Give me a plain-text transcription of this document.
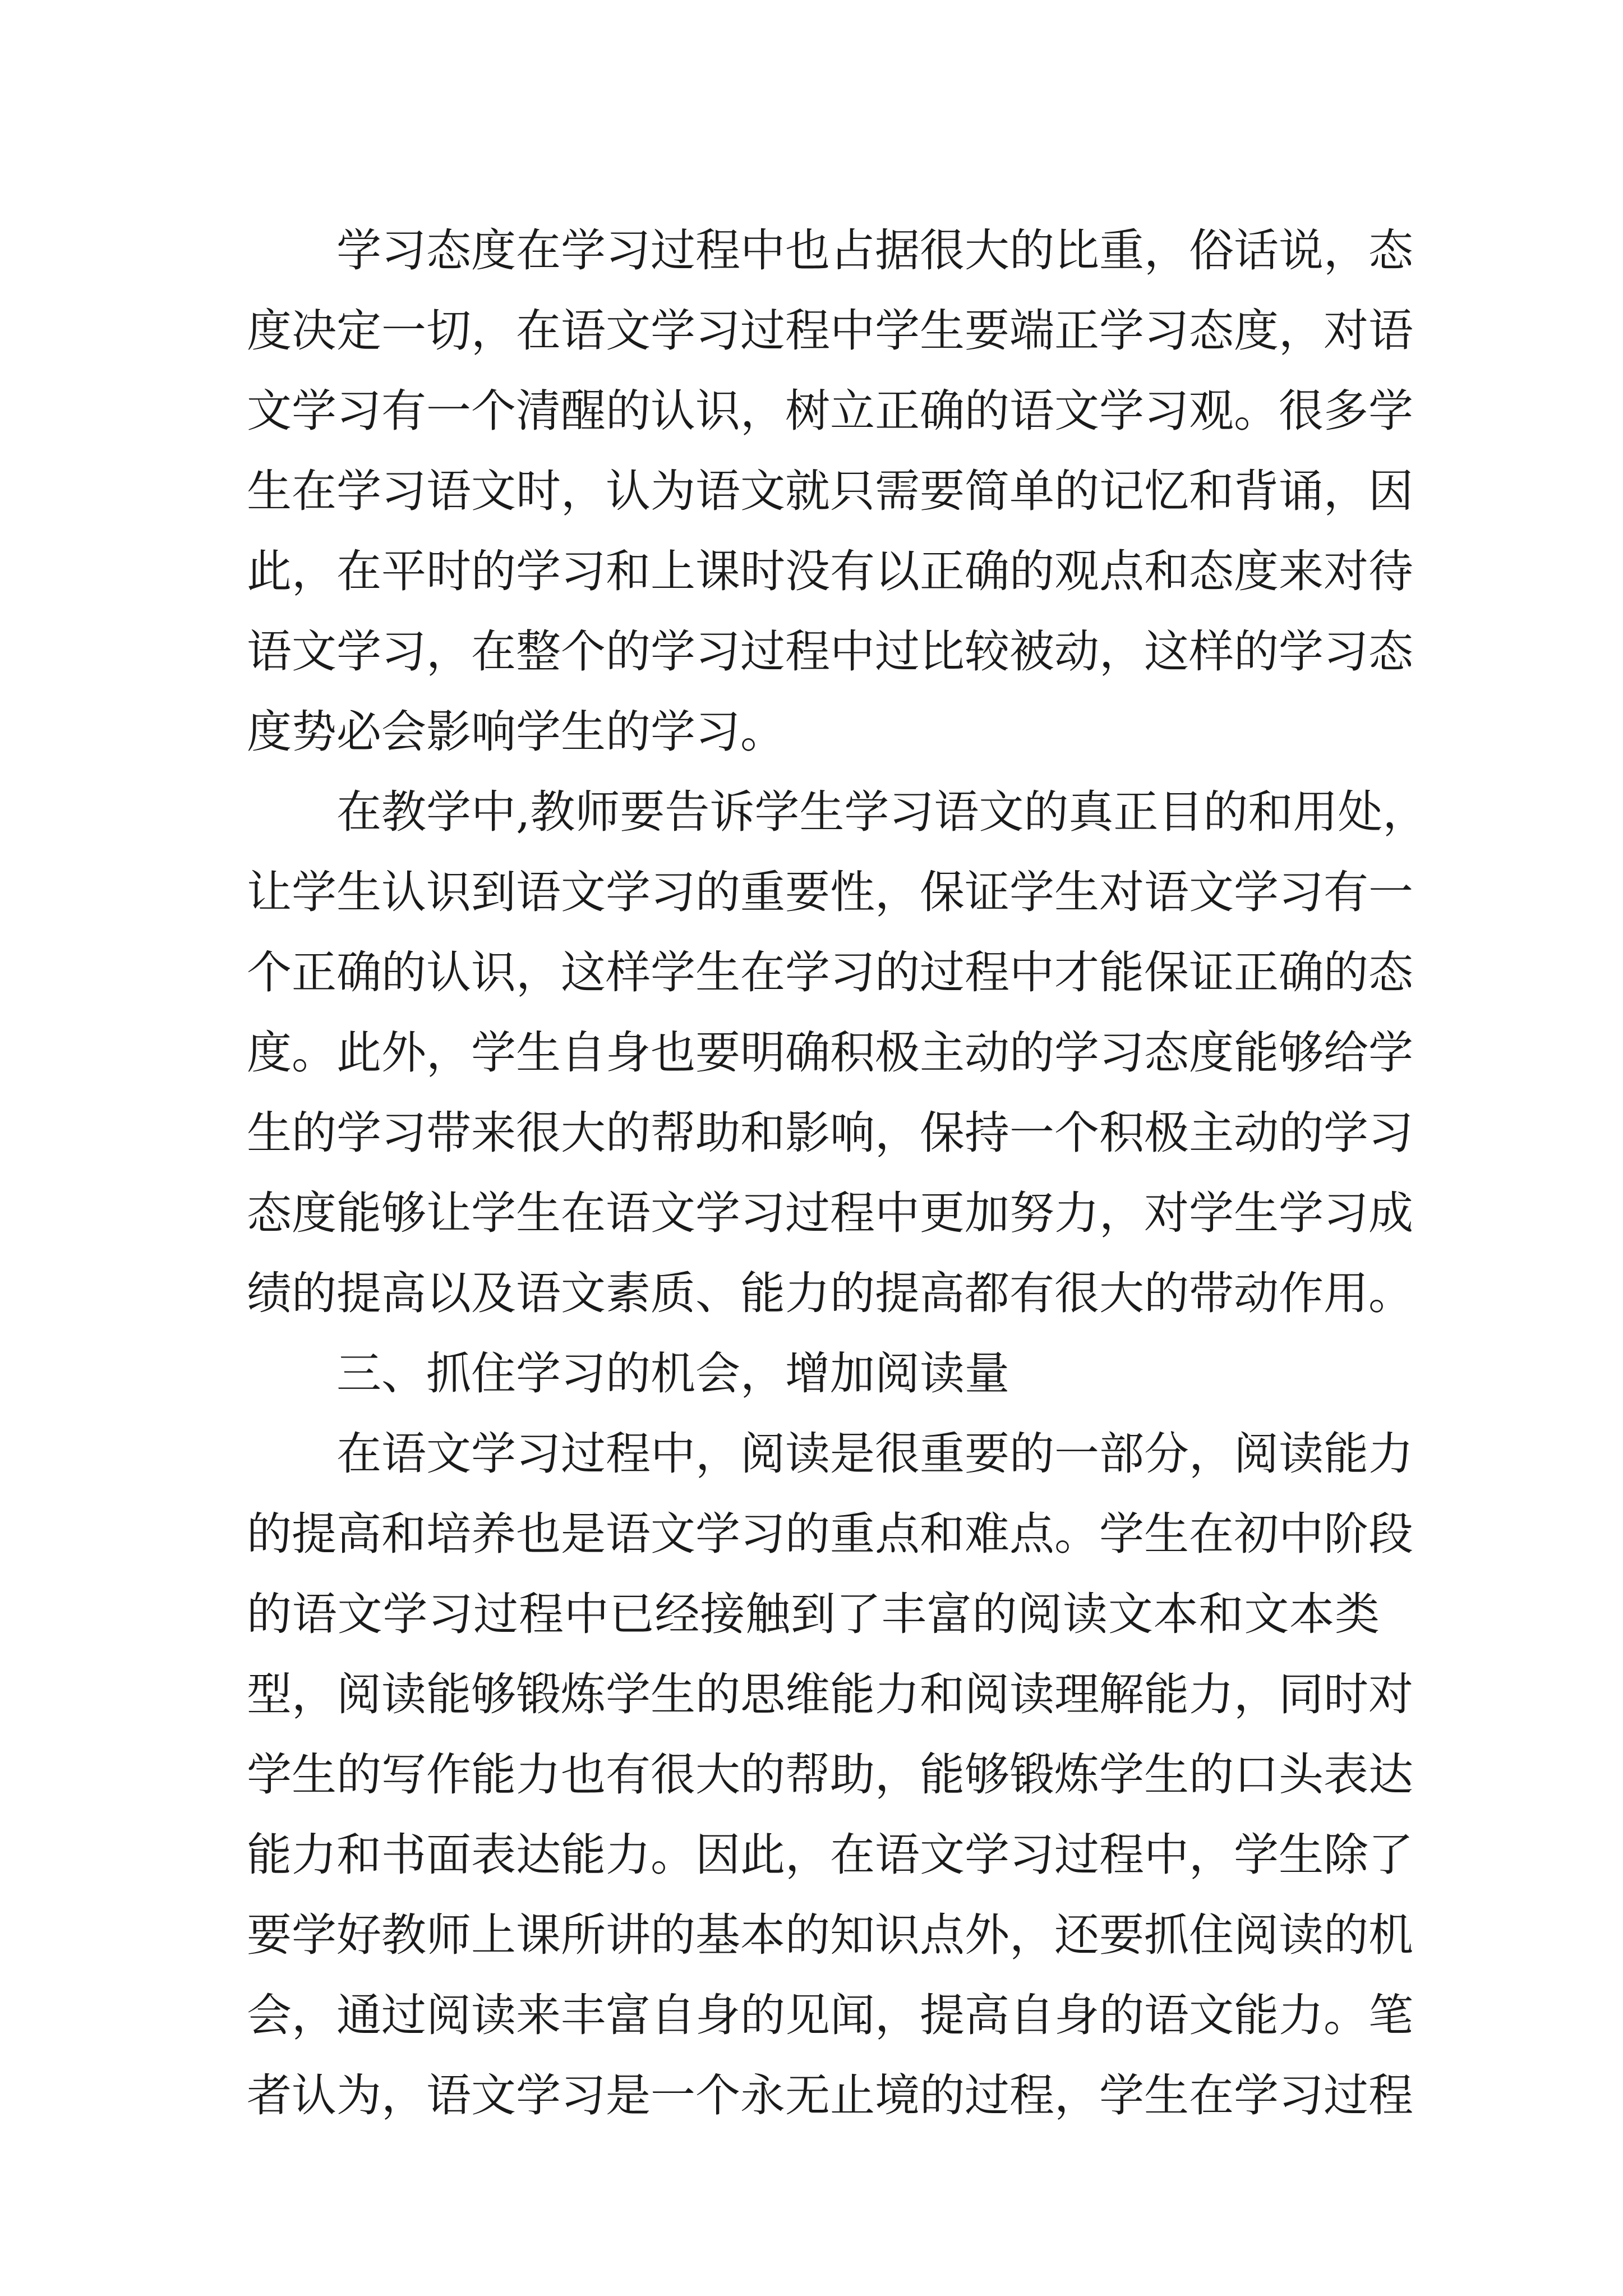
学习态度在学习过程中也占据很大的比重，俗话说，态
度决定一切，在语文学习过程中学生要端正学习态度，对语
文学习有一个清醒的认识，树立正确的语文学习观。很多学
生在学习语文时，认为语文就只需要简单的记忆和背诵，因
此，在平时的学习和上课时没有以正确的观点和态度来对待
语文学习，在整个的学习过程中过比较被动，这样的学习态
度势必会影响学生的学习。
在教学中,教师要告诉学生学习语文的真正目的和用处，
让学生认识到语文学习的重要性，保证学生对语文学习有一
个正确的认识，这样学生在学习的过程中才能保证正确的态
度。此外，学生自身也要明确积极主动的学习态度能够给学
生的学习带来很大的帮助和影响，保持一个积极主动的学习
态度能够让学生在语文学习过程中更加努力，对学生学习成
绩的提高以及语文素质、能力的提高都有很大的带动作用。
三、抓住学习的机会，增加阅读量
在语文学习过程中，阅读是很重要的一部分，阅读能力
的提高和培养也是语文学习的重点和难点。学生在初中阶段
的语文学习过程中已经接触到了丰富的阅读文本和文本类
型，阅读能够锻炼学生的思维能力和阅读理解能力，同时对
学生的写作能力也有很大的帮助，能够锻炼学生的口头表达
能力和书面表达能力。因此，在语文学习过程中，学生除了
要学好教师上课所讲的基本的知识点外，还要抓住阅读的机
会，通过阅读来丰富自身的见闻，提高自身的语文能力。笔
者认为，语文学习是一个永无止境的过程，学生在学习过程
